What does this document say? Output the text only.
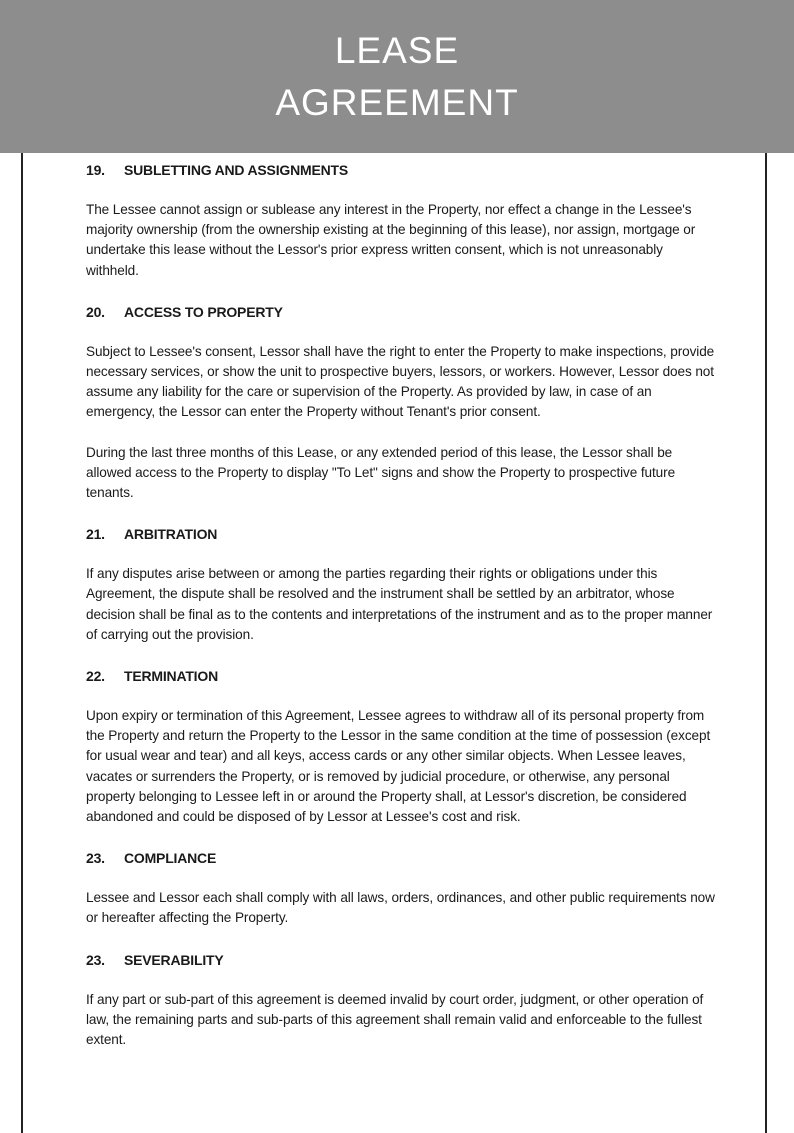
LEASE
AGREEMENT
19. SUBLETTING AND ASSIGNMENTS

The Lessee cannot assign or sublease any interest in the Property, nor effect a change in the Lessee's majority ownership (from the ownership existing at the beginning of this lease), nor assign, mortgage or undertake this lease without the Lessor's prior express written consent, which is not unreasonably withheld.

20. ACCESS TO PROPERTY

Subject to Lessee's consent, Lessor shall have the right to enter the Property to make inspections, provide necessary services, or show the unit to prospective buyers, lessors, or workers. However, Lessor does not assume any liability for the care or supervision of the Property. As provided by law, in case of an emergency, the Lessor can enter the Property without Tenant's prior consent.

During the last three months of this Lease, or any extended period of this lease, the Lessor shall be allowed access to the Property to display "To Let" signs and show the Property to prospective future tenants.

21. ARBITRATION

If any disputes arise between or among the parties regarding their rights or obligations under this Agreement, the dispute shall be resolved and the instrument shall be settled by an arbitrator, whose decision shall be final as to the contents and interpretations of the instrument and as to the proper manner of carrying out the provision.

22. TERMINATION

Upon expiry or termination of this Agreement, Lessee agrees to withdraw all of its personal property from the Property and return the Property to the Lessor in the same condition at the time of possession (except for usual wear and tear) and all keys, access cards or any other similar objects. When Lessee leaves, vacates or surrenders the Property, or is removed by judicial procedure, or otherwise, any personal property belonging to Lessee left in or around the Property shall, at Lessor's discretion, be considered abandoned and could be disposed of by Lessor at Lessee's cost and risk.

23. COMPLIANCE

Lessee and Lessor each shall comply with all laws, orders, ordinances, and other public requirements now or hereafter affecting the Property.

23. SEVERABILITY

If any part or sub-part of this agreement is deemed invalid by court order, judgment, or other operation of law, the remaining parts and sub-parts of this agreement shall remain valid and enforceable to the fullest extent.
